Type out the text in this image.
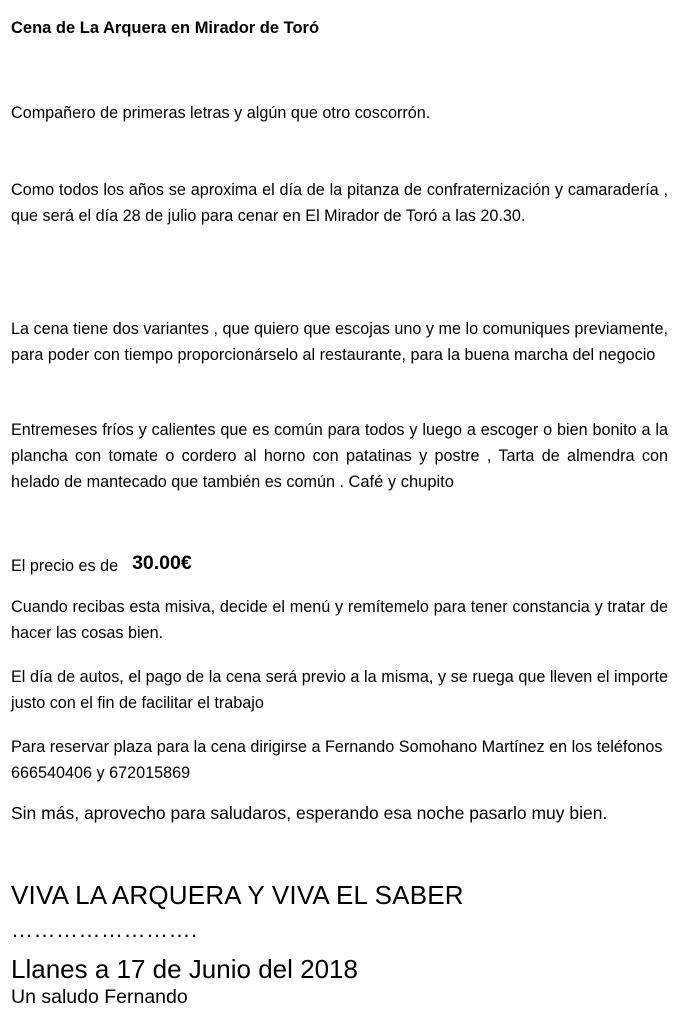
Cena de La Arquera en Mirador de Toró

Compañero de primeras letras y algún que otro coscorrón.

Como todos los años se aproxima el día de la pitanza de confraternización y camaradería , que será el día 28 de julio para cenar en El Mirador de Toró a las 20.30.

La cena tiene dos variantes , que quiero que escojas uno y me lo comuniques previamente, para poder con tiempo proporcionárselo al restaurante, para la buena marcha del negocio

Entremeses fríos y calientes que es común para todos y luego a escoger o bien bonito a la plancha con tomate o cordero al horno con patatinas y postre , Tarta de almendra con helado de mantecado que también es común . Café y chupito

El precio es de 30.00€

Cuando recibas esta misiva, decide el menú y remítemelo para tener constancia y tratar de hacer las cosas bien.

El día de autos, el pago de la cena será previo a la misma, y se ruega que lleven el importe justo con el fin de facilitar el trabajo

Para reservar plaza para la cena dirigirse a Fernando Somohano Martínez en los teléfonos 666540406 y 672015869

Sin más, aprovecho para saludaros, esperando esa noche pasarlo muy bien.

VIVA LA ARQUERA Y VIVA EL SABER

…………………….

Llanes a 17 de Junio del 2018

Un saludo Fernando
